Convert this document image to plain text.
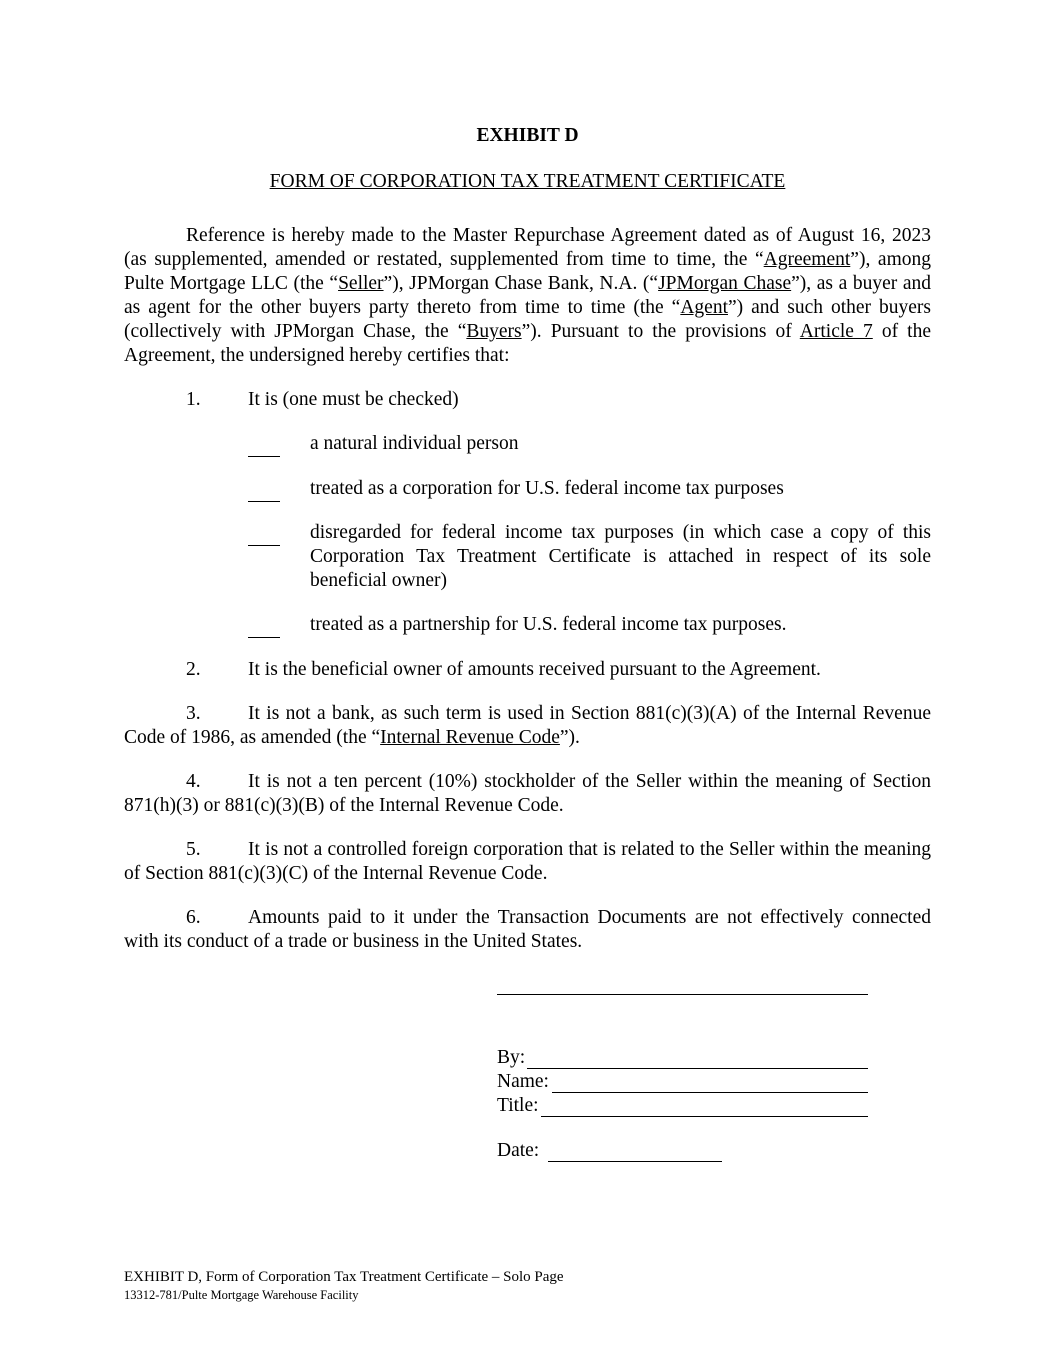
EXHIBIT D
FORM OF CORPORATION TAX TREATMENT CERTIFICATE
Reference is hereby made to the Master Repurchase Agreement dated as of August 16, 2023 (as supplemented, amended or restated, supplemented from time to time, the “Agreement”), among Pulte Mortgage LLC (the “Seller”), JPMorgan Chase Bank, N.A. (“JPMorgan Chase”), as a buyer and as agent for the other buyers party thereto from time to time (the “Agent”) and such other buyers (collectively with JPMorgan Chase, the “Buyers”). Pursuant to the provisions of Article 7 of the Agreement, the undersigned hereby certifies that:
1. It is (one must be checked)
a natural individual person
treated as a corporation for U.S. federal income tax purposes
disregarded for federal income tax purposes (in which case a copy of this Corporation Tax Treatment Certificate is attached in respect of its sole beneficial owner)
treated as a partnership for U.S. federal income tax purposes.
2. It is the beneficial owner of amounts received pursuant to the Agreement.
3. It is not a bank, as such term is used in Section 881(c)(3)(A) of the Internal Revenue Code of 1986, as amended (the “Internal Revenue Code”).
4. It is not a ten percent (10%) stockholder of the Seller within the meaning of Section 871(h)(3) or 881(c)(3)(B) of the Internal Revenue Code.
5. It is not a controlled foreign corporation that is related to the Seller within the meaning of Section 881(c)(3)(C) of the Internal Revenue Code.
6. Amounts paid to it under the Transaction Documents are not effectively connected with its conduct of a trade or business in the United States.
By:
Name:
Title:
Date:
EXHIBIT D, Form of Corporation Tax Treatment Certificate – Solo Page
13312-781/Pulte Mortgage Warehouse Facility
